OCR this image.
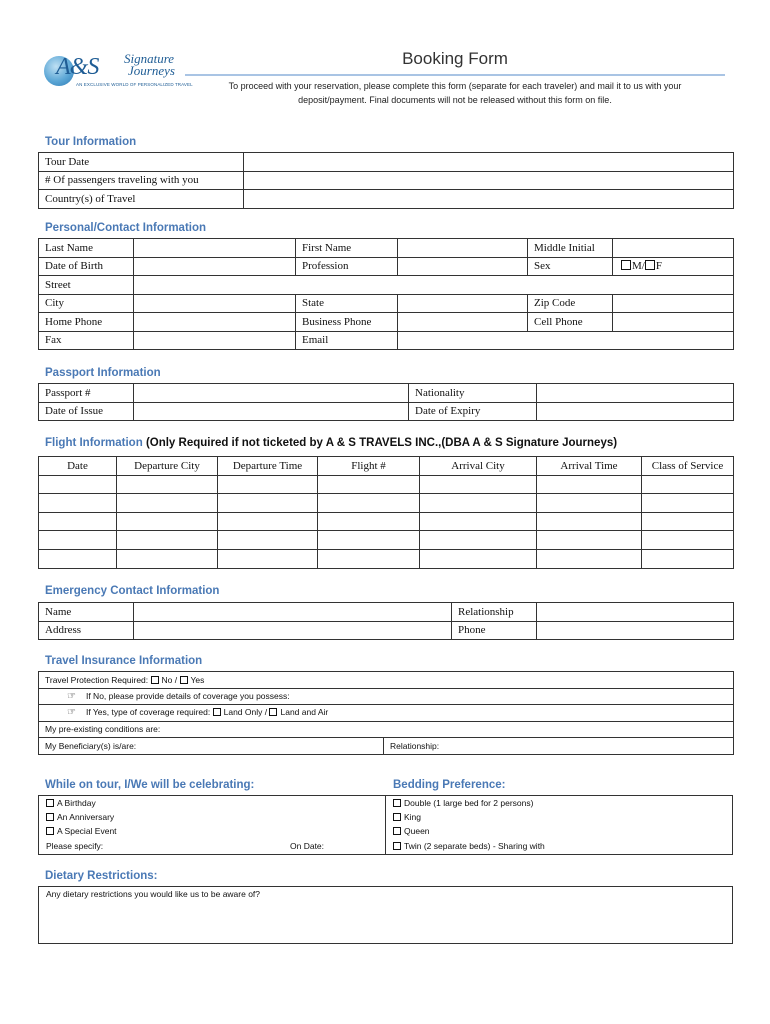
A&S Signature
Journeys
AN EXCLUSIVE WORLD OF PERSONALIZED TRAVEL
Booking Form
To proceed with your reservation, please complete this form (separate for each traveler) and mail it to us with your
deposit/payment. Final documents will not be released without this form on file.
Tour Information
Tour Date	
# Of passengers traveling with you	
Country(s) of Travel	
Personal/Contact Information
Last Name		First Name		Middle Initial	
Date of Birth		Profession		Sex	M/ F
Street					
City		State		Zip Code	
Home Phone		Business Phone		Cell Phone	
Fax		Email			
Passport Information
Passport #		Nationality	
Date of Issue		Date of Expiry	
Flight Information (Only Required if not ticketed by A & S TRAVELS INC.,(DBA A & S Signature Journeys)
Date	Departure City	Departure Time	Flight #	Arrival City	Arrival Time	Class of Service

Emergency Contact Information
Name		Relationship	
Address		Phone	
Travel Insurance Information
Travel Protection Required: No / Yes
☞ If No, please provide details of coverage you possess:
☞ If Yes, type of coverage required: Land Only / Land and Air
My pre-existing conditions are:
My Beneficiary(s) is/are:	Relationship:
While on tour, I/We will be celebrating:	Bedding Preference:
A Birthday
An Anniversary
A Special Event
Please specify:	On Date:
Double (1 large bed for 2 persons)
King
Queen
Twin (2 separate beds) - Sharing with
Dietary Restrictions:
Any dietary restrictions you would like us to be aware of?
